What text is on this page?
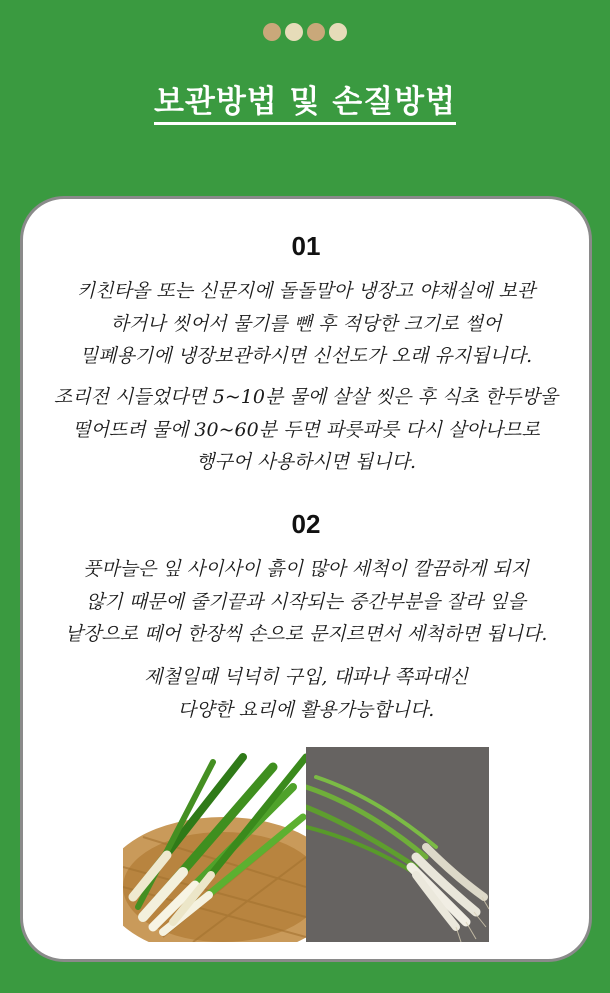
보관방법 및 손질방법
01
키친타올 또는 신문지에 돌돌말아 냉장고 야채실에 보관
하거나 씻어서 물기를 뺀 후 적당한 크기로 썰어
밀폐용기에 냉장보관하시면 신선도가 오래 유지됩니다.
조리전 시들었다면 5~10분 물에 살살 씻은 후 식초 한두방울
떨어뜨려 물에 30~60분 두면 파릇파릇 다시 살아나므로
행구어 사용하시면 됩니다.
02
풋마늘은 잎 사이사이 흙이 많아 세척이 깔끔하게 되지
않기 때문에 줄기끝과 시작되는 중간부분을 잘라 잎을
낱장으로 떼어 한장씩 손으로 문지르면서 세척하면 됩니다.
제철일때 넉넉히 구입, 대파나 쪽파대신
다양한 요리에 활용가능합니다.
